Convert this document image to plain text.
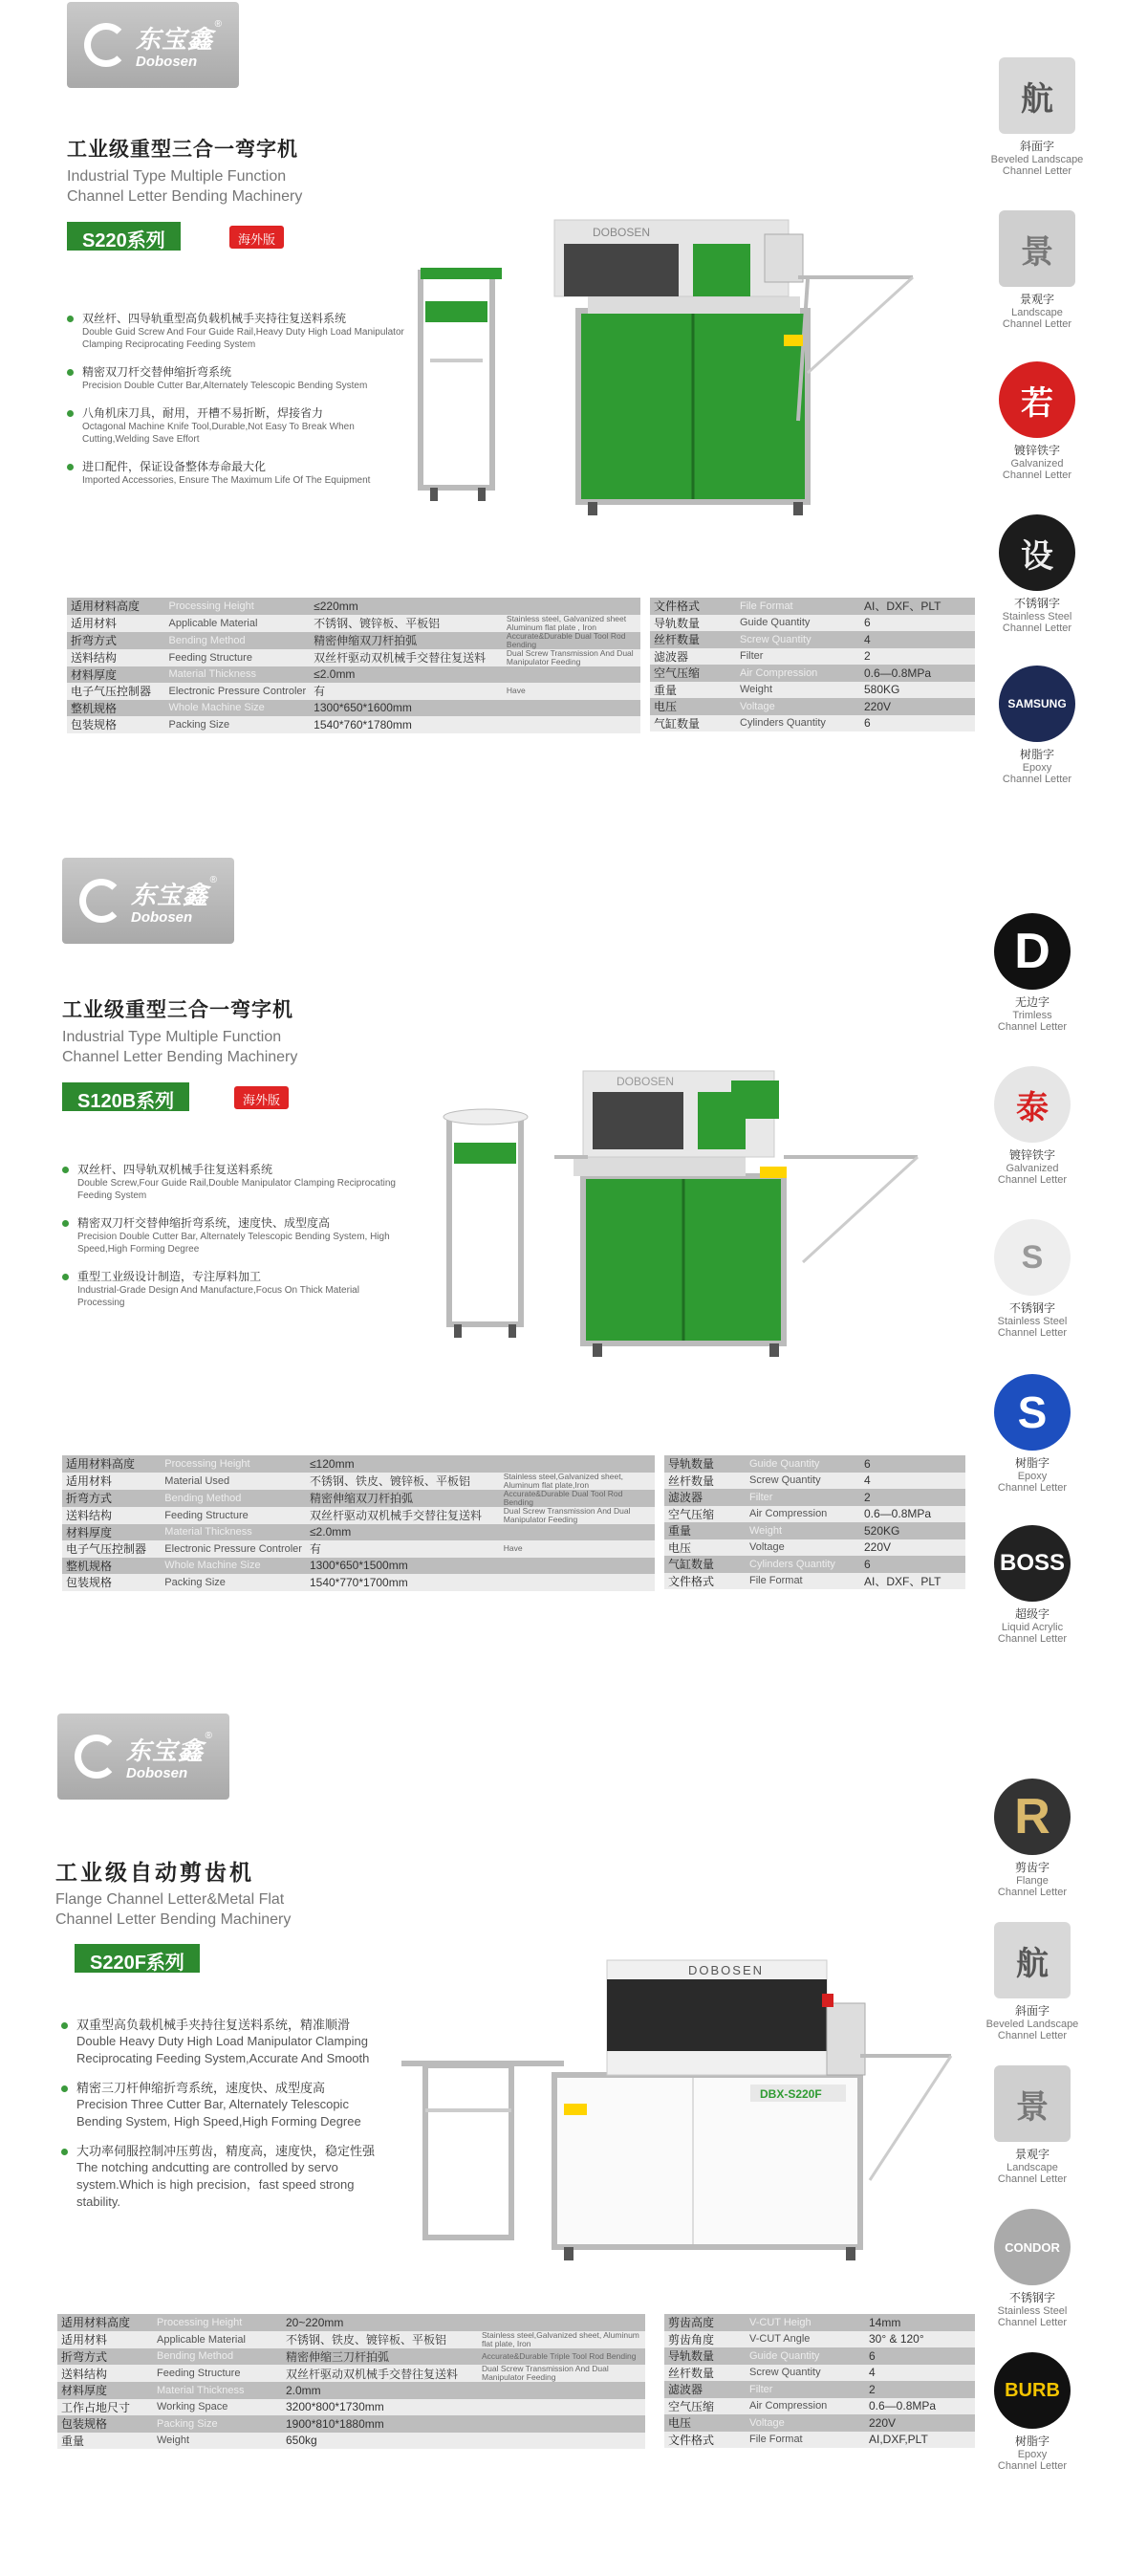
东宝鑫
Dobosen
®
工业级重型三合一弯字机
Industrial Type Multiple Function
Channel Letter Bending Machinery
S220系列	海外版
双丝杆、四导轨重型高负载机械手夹持往复送料系统
Double Guid Screw And Four Guide Rail,Heavy Duty High Load Manipulator Clamping Reciprocating Feeding System
精密双刀杆交替伸缩折弯系统
Precision Double Cutter Bar,Alternately Telescopic Bending System
八角机床刀具，耐用，开槽不易折断，焊接省力
Octagonal Machine Knife Tool,Durable,Not Easy To Break When Cutting,Welding Save Effort
进口配件，保证设备整体寿命最大化
Imported Accessories, Ensure The Maximum Life Of The Equipment
DOBOSEN
适用材料高度	Processing Height	≤220mm	
适用材料	Applicable Material	不锈钢、镀锌板、平板铝	Stainless steel, Galvanized sheet Aluminum flat plate , Iron
折弯方式	Bending Method	精密伸缩双刀杆拍弧	Accurate&Durable Dual Tool Rod Bending
送料结构	Feeding Structure	双丝杆驱动双机械手交替往复送料	Dual Screw Transmission And Dual Manipulator Feeding
材料厚度	Material Thickness	≤2.0mm	
电子气压控制器	Electronic Pressure Controler	有	Have
整机规格	Whole Machine Size	1300*650*1600mm	
包装规格	Packing Size	1540*760*1780mm	
文件格式	File Format	AI、DXF、PLT
导轨数量	Guide Quantity	6
丝杆数量	Screw Quantity	4
滤波器	Filter	2
空气压缩	Air Compression	0.6—0.8MPa
重量	Weight	580KG
电压	Voltage	220V
气缸数量	Cylinders Quantity	6
航
斜面字
Beveled Landscape
Channel Letter
景
景观字
Landscape
Channel Letter
若
镀锌铁字
Galvanized
Channel Letter
设
不锈钢字
Stainless Steel
Channel Letter
SAMSUNG
树脂字
Epoxy
Channel Letter
东宝鑫
Dobosen
®
工业级重型三合一弯字机
Industrial Type Multiple Function
Channel Letter Bending Machinery
S120B系列	海外版
双丝杆、四导轨双机械手往复送料系统
Double Screw,Four Guide Rail,Double Manipulator Clamping Reciprocating Feeding System
精密双刀杆交替伸缩折弯系统，速度快、成型度高
Precision Double Cutter Bar, Alternately Telescopic Bending System, High Speed,High Forming Degree
重型工业级设计制造，专注厚料加工
Industrial-Grade Design And Manufacture,Focus On Thick Material Processing
DOBOSEN
适用材料高度	Processing Height	≤120mm	
适用材料	Material Used	不锈钢、铁皮、镀锌板、平板铝	Stainless steel,Galvanized sheet, Aluminum flat plate,Iron
折弯方式	Bending Method	精密伸缩双刀杆拍弧	Accurate&Durable Dual Tool Rod Bending
送料结构	Feeding Structure	双丝杆驱动双机械手交替往复送料	Dual Screw Transmission And Dual Manipulator Feeding
材料厚度	Material Thickness	≤2.0mm	
电子气压控制器	Electronic Pressure Controler	有	Have
整机规格	Whole Machine Size	1300*650*1500mm	
包装规格	Packing Size	1540*770*1700mm	
导轨数量	Guide Quantity	6
丝杆数量	Screw Quantity	4
滤波器	Filter	2
空气压缩	Air Compression	0.6—0.8MPa
重量	Weight	520KG
电压	Voltage	220V
气缸数量	Cylinders Quantity	6
文件格式	File Format	AI、DXF、PLT
D
无边字
Trimless
Channel Letter
泰
镀锌铁字
Galvanized
Channel Letter
S
不锈钢字
Stainless Steel
Channel Letter
S
树脂字
Epoxy
Channel Letter
BOSS
超级字
Liquid Acrylic
Channel Letter
东宝鑫
Dobosen
®
工业级自动剪齿机
Flange Channel Letter&Metal Flat
Channel Letter Bending Machinery
S220F系列
双重型高负载机械手夹持往复送料系统，精准顺滑
Double Heavy Duty High Load Manipulator Clamping Reciprocating Feeding System,Accurate And Smooth
精密三刀杆伸缩折弯系统，速度快、成型度高
Precision Three Cutter Bar, Alternately Telescopic Bending System, High Speed,High Forming Degree
大功率伺服控制冲压剪齿，精度高，速度快，稳定性强
The notching andcutting are controlled by servo system.Which is high precision，fast speed strong stability.
DOBOSEN
DBX-S220F
适用材料高度	Processing Height	20~220mm	
适用材料	Applicable Material	不锈钢、铁皮、镀锌板、平板铝	Stainless steel,Galvanized sheet, Aluminum flat plate, Iron
折弯方式	Bending Method	精密伸缩三刀杆拍弧	Accurate&Durable Triple Tool Rod Bending
送料结构	Feeding Structure	双丝杆驱动双机械手交替往复送料	Dual Screw Transmission And Dual Manipulator Feeding
材料厚度	Material Thickness	2.0mm	
工作占地尺寸	Working Space	3200*800*1730mm	
包装规格	Packing Size	1900*810*1880mm	
重量	Weight	650kg	
剪齿高度	V-CUT Heigh	14mm
剪齿角度	V-CUT Angle	30° & 120°
导轨数量	Guide Quantity	6
丝杆数量	Screw Quantity	4
滤波器	Filter	2
空气压缩	Air Compression	0.6—0.8MPa
电压	Voltage	220V
文件格式	File Format	AI,DXF,PLT
R
剪齿字
Flange
Channel Letter
航
斜面字
Beveled Landscape
Channel Letter
景
景观字
Landscape
Channel Letter
CONDOR
不锈钢字
Stainless Steel
Channel Letter
BURB
树脂字
Epoxy
Channel Letter
